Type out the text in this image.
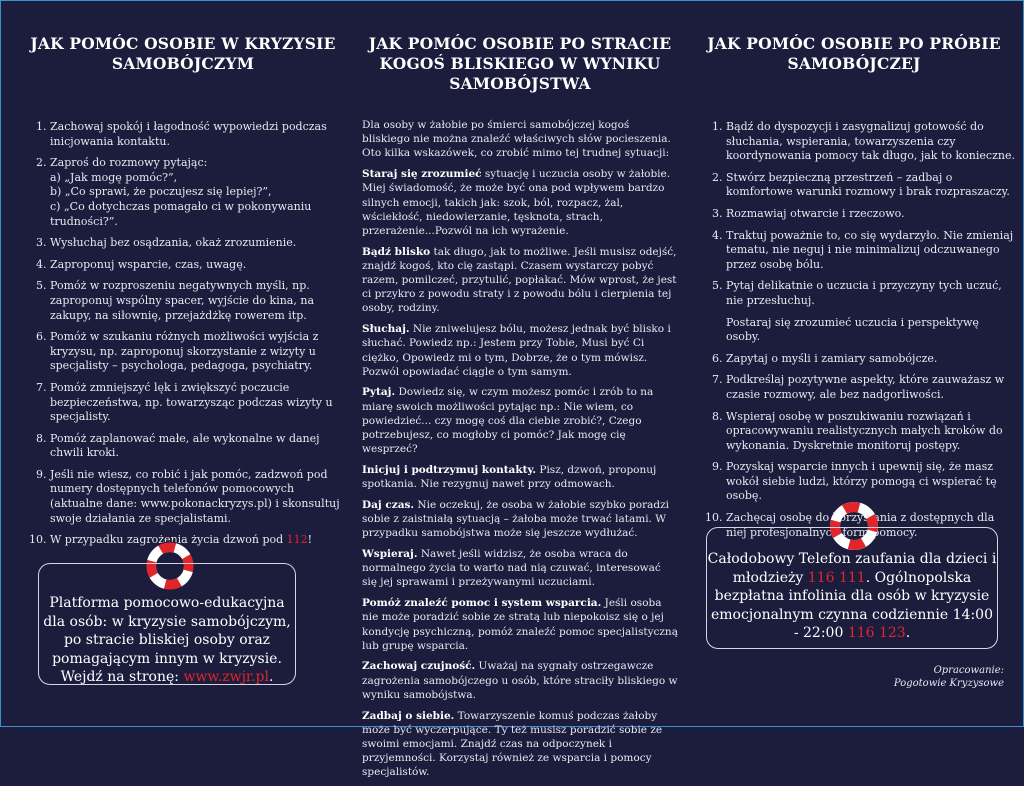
JAK POMÓC OSOBIE W KRYZYSIE SAMOBÓJCZYM
1. Zachowaj spokój i łagodność wypowiedzi podczas inicjowania kontaktu.
2. Zaproś do rozmowy pytając:
a) „Jak mogę pomóc?”,
b) „Co sprawi, że poczujesz się lepiej?”,
c) „Co dotychczas pomagało ci w pokonywaniu trudności?”.
3. Wysłuchaj bez osądzania, okaż zrozumienie.
4. Zaproponuj wsparcie, czas, uwagę.
5. Pomóż w rozproszeniu negatywnych myśli, np. zaproponuj wspólny spacer, wyjście do kina, na zakupy, na siłownię, przejażdżkę rowerem itp.
6. Pomóż w szukaniu różnych możliwości wyjścia z kryzysu, np. zaproponuj skorzystanie z wizyty u specjalisty – psychologa, pedagoga, psychiatry.
7. Pomóż zmniejszyć lęk i zwiększyć poczucie bezpieczeństwa, np. towarzysząc podczas wizyty u specjalisty.
8. Pomóż zaplanować małe, ale wykonalne w danej chwili kroki.
9. Jeśli nie wiesz, co robić i jak pomóc, zadzwoń pod numery dostępnych telefonów pomocowych (aktualne dane: www.pokonackryzys.pl) i skonsultuj swoje działania ze specjalistami.
10. W przypadku zagrożenia życia dzwoń pod 112!
Platforma pomocowo-edukacyjna dla osób: w kryzysie samobójczym, po stracie bliskiej osoby oraz pomagającym innym w kryzysie. Wejdź na stronę: www.zwjr.pl.
JAK POMÓC OSOBIE PO STRACIE KOGOŚ BLISKIEGO W WYNIKU SAMOBÓJSTWA

Dla osoby w żałobie po śmierci samobójczej kogoś bliskiego nie można znaleźć właściwych słów pocieszenia. Oto kilka wskazówek, co zrobić mimo tej trudnej sytuacji:

Staraj się zrozumieć sytuację i uczucia osoby w żałobie. Miej świadomość, że może być ona pod wpływem bardzo silnych emocji, takich jak: szok, ból, rozpacz, żal, wściekłość, niedowierzanie, tęsknota, strach, przerażenie...Pozwól na ich wyrażenie.

Bądź blisko tak długo, jak to możliwe. Jeśli musisz odejść, znajdź kogoś, kto cię zastąpi. Czasem wystarczy pobyć razem, pomilczeć, przytulić, popłakać. Mów wprost, że jest ci przykro z powodu straty i z powodu bólu i cierpienia tej osoby, rodziny.

Słuchaj. Nie zniwelujesz bólu, możesz jednak być blisko i słuchać. Powiedz np.: Jestem przy Tobie, Musi być Ci ciężko, Opowiedz mi o tym, Dobrze, że o tym mówisz. Pozwól opowiadać ciągle o tym samym.

Pytaj. Dowiedz się, w czym możesz pomóc i zrób to na miarę swoich możliwości pytając np.: Nie wiem, co powiedzieć... czy mogę coś dla ciebie zrobić?, Czego potrzebujesz, co mogłoby ci pomóc? Jak mogę cię wesprzeć?

Inicjuj i podtrzymuj kontakty. Pisz, dzwoń, proponuj spotkania. Nie rezygnuj nawet przy odmowach.

Daj czas. Nie oczekuj, że osoba w żałobie szybko poradzi sobie z zaistniałą sytuacją – żałoba może trwać latami. W przypadku samobójstwa może się jeszcze wydłużać.

Wspieraj. Nawet jeśli widzisz, że osoba wraca do normalnego życia to warto nad nią czuwać, interesować się jej sprawami i przeżywanymi uczuciami.

Pomóż znaleźć pomoc i system wsparcia. Jeśli osoba nie może poradzić sobie ze stratą lub niepokoisz się o jej kondycję psychiczną, pomóż znaleźć pomoc specjalistyczną lub grupę wsparcia.

Zachowaj czujność. Uważaj na sygnały ostrzegawcze zagrożenia samobójczego u osób, które straciły bliskiego w wyniku samobójstwa.

Zadbaj o siebie. Towarzyszenie komuś podczas żałoby może być wyczerpujące. Ty też musisz poradzić sobie ze swoimi emocjami. Znajdź czas na odpoczynek i przyjemności. Korzystaj również ze wsparcia i pomocy specjalistów.

JAK POMÓC OSOBIE PO PRÓBIE SAMOBÓJCZEJ
1. Bądź do dyspozycji i zasygnalizuj gotowość do słuchania, wspierania, towarzyszenia czy koordynowania pomocy tak długo, jak to konieczne.
2. Stwórz bezpieczną przestrzeń – zadbaj o komfortowe warunki rozmowy i brak rozpraszaczy.
3. Rozmawiaj otwarcie i rzeczowo.
4. Traktuj poważnie to, co się wydarzyło. Nie zmieniaj tematu, nie neguj i nie minimalizuj odczuwanego przez osobę bólu.
5. Pytaj delikatnie o uczucia i przyczyny tych uczuć, nie przesłuchuj.
Postaraj się zrozumieć uczucia i perspektywę osoby.
6. Zapytaj o myśli i zamiary samobójcze.
7. Podkreślaj pozytywne aspekty, które zauważasz w czasie rozmowy, ale bez nadgorliwości.
8. Wspieraj osobę w poszukiwaniu rozwiązań i opracowywaniu realistycznych małych kroków do wykonania. Dyskretnie monitoruj postępy.
9. Pozyskaj wsparcie innych i upewnij się, że masz wokół siebie ludzi, którzy pomogą ci wspierać tę osobę.
10. Zachęcaj osobę do korzystania z dostępnych dla niej profesjonalnych form pomocy.
Całodobowy Telefon zaufania dla dzieci i młodzieży 116 111. Ogólnopolska bezpłatna infolinia dla osób w kryzysie emocjonalnym czynna codziennie 14:00 - 22:00 116 123.
Opracowanie:
Pogotowie Kryzysowe
